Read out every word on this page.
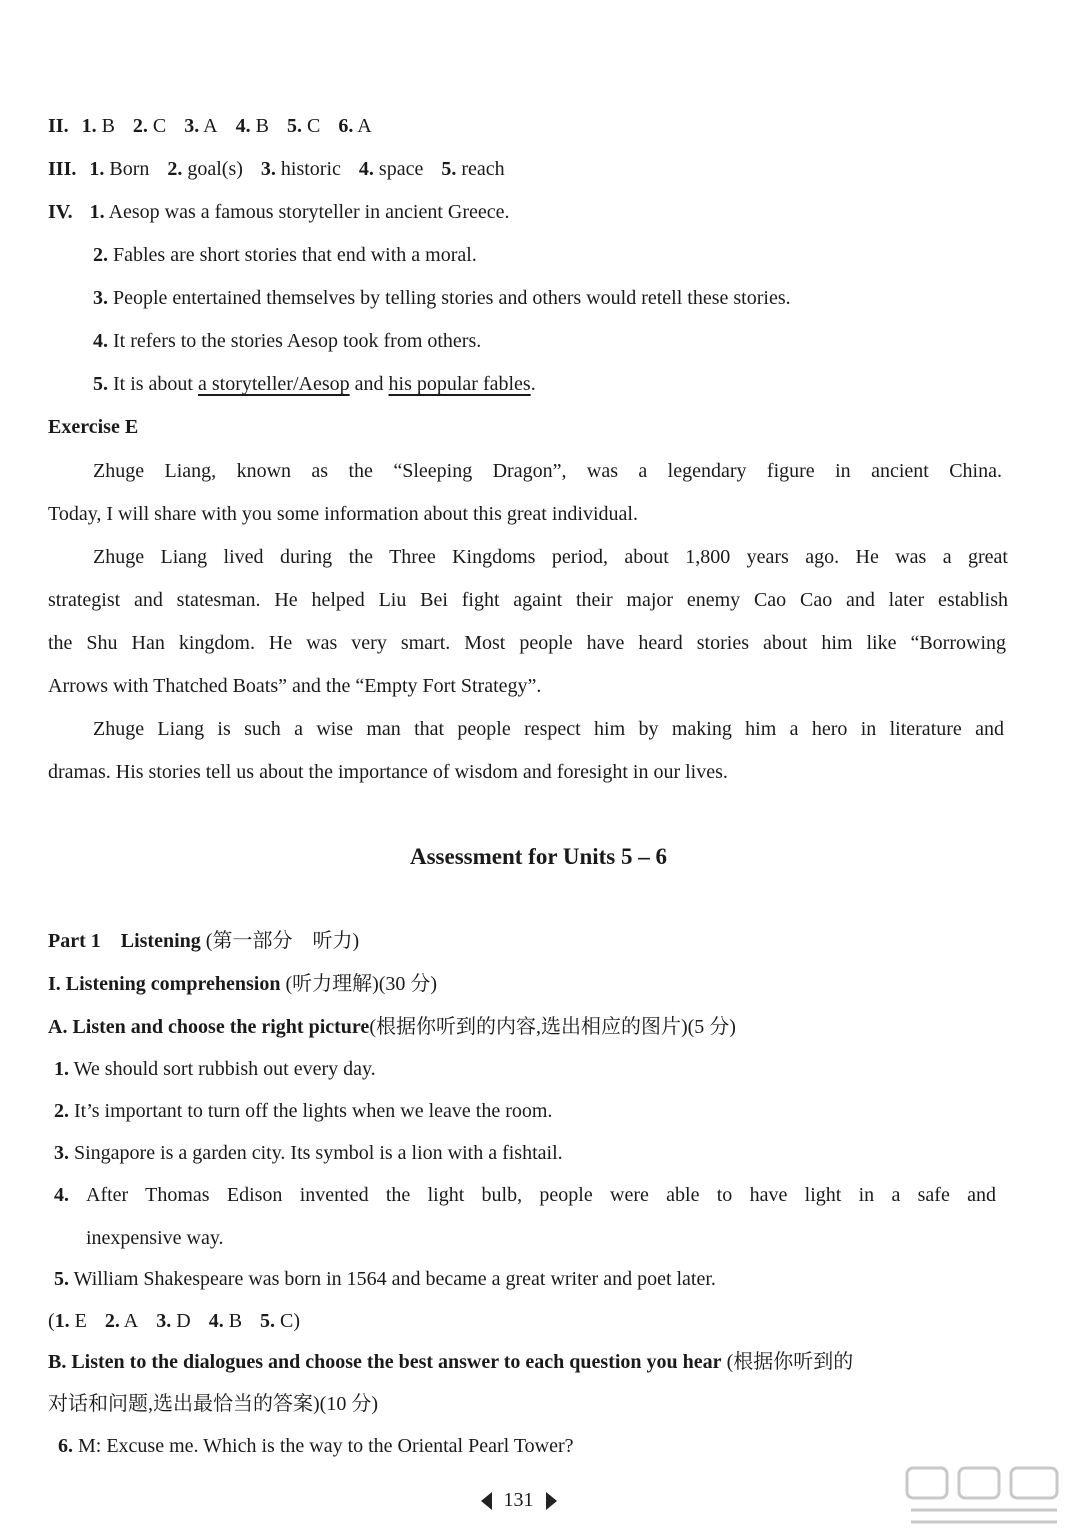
II. 1. B 2. C 3. A 4. B 5. C 6. A
III. 1. Born 2. goal(s) 3. historic 4. space 5. reach
IV. 1. Aesop was a famous storyteller in ancient Greece.
2. Fables are short stories that end with a moral.
3. People entertained themselves by telling stories and others would retell these stories.
4. It refers to the stories Aesop took from others.
5. It is about a storyteller/Aesop and his popular fables.
Exercise E
Zhuge Liang, known as the “Sleeping Dragon”, was a legendary figure in ancient China.
Today, I will share with you some information about this great individual.
Zhuge Liang lived during the Three Kingdoms period, about 1,800 years ago. He was a great
strategist and statesman. He helped Liu Bei fight againt their major enemy Cao Cao and later establish
the Shu Han kingdom. He was very smart. Most people have heard stories about him like “Borrowing
Arrows with Thatched Boats” and the “Empty Fort Strategy”.
Zhuge Liang is such a wise man that people respect him by making him a hero in literature and
dramas. His stories tell us about the importance of wisdom and foresight in our lives.
Assessment for Units 5 – 6
Part 1 Listening (第一部分 听力)
I. Listening comprehension (听力理解)(30 分)
A. Listen and choose the right picture(根据你听到的内容,选出相应的图片)(5 分)
1. We should sort rubbish out every day.
2. It’s important to turn off the lights when we leave the room.
3. Singapore is a garden city. Its symbol is a lion with a fishtail.
4. After Thomas Edison invented the light bulb, people were able to have light in a safe and
inexpensive way.
5. William Shakespeare was born in 1564 and became a great writer and poet later.
(1. E 2. A 3. D 4. B 5. C)
B. Listen to the dialogues and choose the best answer to each question you hear (根据你听到的
对话和问题,选出最恰当的答案)(10 分)
6. M: Excuse me. Which is the way to the Oriental Pearl Tower?
131
